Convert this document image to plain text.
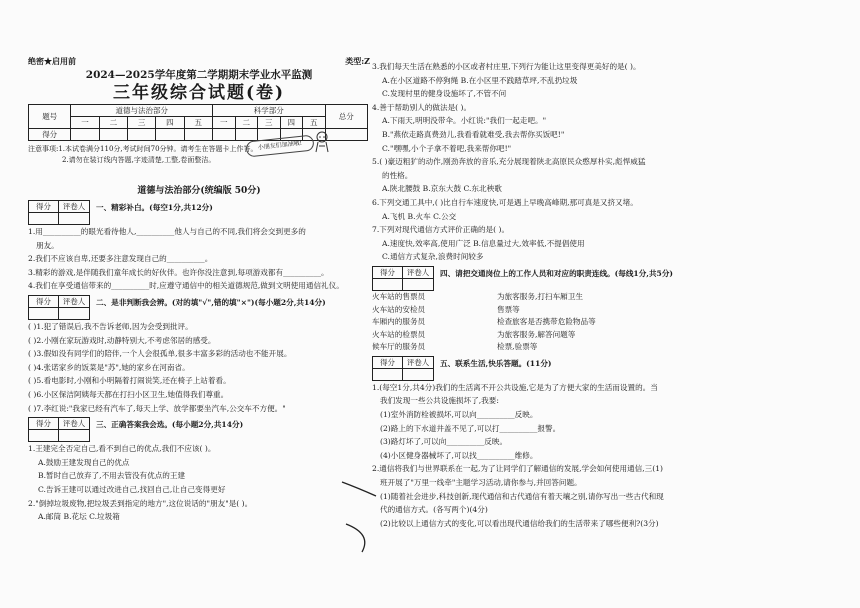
绝密★启用前	类型:Z
2024—2025学年度第二学期期末学业水平监测
三年级综合试题(卷)
题号	道德与法治部分					科学部分					总分
	一	二	三	四	五	一	二	三	四	五	
得分											
注意事项:1.本试卷满分110分,考试时间70分钟。请考生在答题卡上作答。
2.请勿在装订线内答题,字迹清楚,工整,卷面整洁。
道德与法治部分(统编版 50分)
得分	评卷人	一、精彩补白。(每空1分,共12分)
1.用__________的眼光看待他人,__________他人与自己的不同,我们将会交到更多的
朋友。
2.我们不应该自卑,还要多注意发现自己的__________。
3.精彩的游戏,是伴随我们童年成长的好伙伴。也许你没注意到,每项游戏都有__________。
4.我们在享受通信带来的__________时,应遵守通信中的相关道德规范,做到文明使用通信礼仪。
得分	评卷人	二、是非判断我会辨。(对的填"√",错的填"×")(每小题2分,共14分)
( )1.犯了错误后,我不告诉老师,因为会受到批评。
( )2.小刚在家玩游戏时,动静特别大,不考虑邻居的感受。
( )3.假如没有同学们的陪伴,一个人会很孤单,很多丰富多彩的活动也不能开展。
( )4.张诺家乡的饭菜是"苏",她的家乡在河南省。
( )5.看电影时,小刚和小明隔着打闹说笑,还在椅子上站着看。
( )6.小区保洁阿姨每天都在打扫小区卫生,她值得我们尊重。
( )7.李红说:"我家已经有汽车了,每天上学、放学都要坐汽车,公交车不方便。"
得分	评卷人	三、正确答案我会选。(每小题2分,共14分)
1.王建完全否定自己,看不到自己的优点,我们不应该( )。
A.鼓励王建发现自己的优点
B.暂时自己放弃了,不用去管没有优点的王建
C.告诉王建可以通过改进自己,找回自己,让自己变得更好
2."倒掉垃圾废物,把垃圾丢到指定的地方",这位说话的"朋友"是( )。
A.邮筒 B.花坛 C.垃圾箱
小朋友们加油哦!
3.我们每天生活在熟悉的小区或者村庄里,下列行为能让这里变得更美好的是( )。
A.在小区道路不停狗绳 B.在小区里不践踏草坪,不乱扔垃圾
C.发现村里的健身设施坏了,不管不问
4.善于帮助别人的做法是( )。
A.下雨天,明明没带伞。小红说:"我们一起走吧。"
B."燕依走路真费劲儿,我看看就难受,我去帮你买饭吧!"
C."嘿嘿,小个子拿不着吧,我来帮你吧!"
5.( )豪迈粗犷的动作,刚劲奔放的音乐,充分展现着陕北高原民众憨厚朴实,彪悍威猛
的性格。
A.陕北腰鼓 B.京东大鼓 C.东北秧歌
6.下列交通工具中,( )比自行车速度快,可是遇上早晚高峰期,那可真是又挤又堵。
A.飞机 B.火车 C.公交
7.下列对现代通信方式评价正确的是( )。
A.速度快,效率高,使用广泛 B.信息量过大,效率低,不提倡使用
C.通信方式复杂,浪费时间较多
得分	评卷人	四、请把交通岗位上的工作人员和对应的职责连线。(每线1分,共5分)
火车站的售票员	为旅客服务,打扫车厢卫生
火车站的安检员	售票等
车厢内的服务员	检查旅客是否携带危险物品等
火车站的检票员	为旅客服务,解答问题等
候车厅的服务员	检票,验票等
得分	评卷人	五、联系生活,快乐答题。(11分)
1.(每空1分,共4分)我们的生活离不开公共设施,它是为了方便大家的生活而设置的。当
我们发现一些公共设施损坏了,我要:
(1)室外消防栓被损坏,可以向__________反映。
(2)路上的下水道井盖不见了,可以打__________报警。
(3)路灯坏了,可以向__________反映。
(4)小区健身器械坏了,可以找__________维修。
2.通信将我们与世界联系在一起,为了让同学们了解通信的发展,学会如何使用通信,三(1)
班开展了"万里一线牵"主题学习活动,请你参与,并回答问题。
(1)随着社会进步,科技创新,现代通信和古代通信有着天壤之别,请你写出一些古代和现
代的通信方式。(各写两个)(4分)
(2)比较以上通信方式的变化,可以看出现代通信给我们的生活带来了哪些便利?(3分)
